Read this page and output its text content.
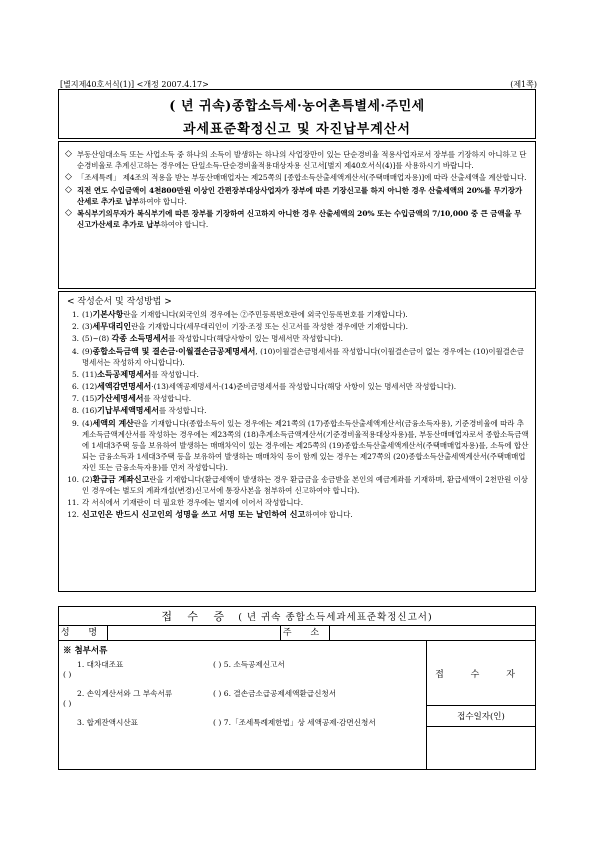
[별지제40호서식(1)] <개정 2007.4.17>	(제1쪽)
( 년 귀속)종합소득세·농어촌특별세·주민세
과세표준확정신고 및 자진납부계산서
◇ 부동산임대소득 또는 사업소득 중 하나의 소득이 발생하는 하나의 사업장만이 있는 단순경비율 적용사업자로서 장부를 기장하지 아니하고 단순경비율로 추계신고하는 경우에는 단일소득-단순경비율적용대상자용 신고서[별지 제40호서식(4)]를 사용하시기 바랍니다.
◇ 「조세특례」 제4조의 적용을 받는 부동산매매업자는 제25쪽의 [종합소득산출세액계산서(주택매매업자용)]에 따라 산출세액을 계산합니다.
◇ 직전 연도 수입금액이 4천800만원 이상인 간편장부대상사업자가 장부에 따른 기장신고를 하지 아니한 경우 산출세액의 20%를 무기장가산세로 추가로 납부하여야 합니다.
◇ 복식부기의무자가 복식부기에 따른 장부를 기장하여 신고하지 아니한 경우 산출세액의 20% 또는 수입금액의 7/10,000 중 큰 금액을 무신고가산세로 추가로 납부하여야 합니다.
< 작성순서 및 작성방법 >
1. (1)기본사항란을 기재합니다(외국인의 경우에는 ②주민등록번호란에 외국인등록번호를 기재합니다).
2. (3)세무대리인란을 기재합니다(세무대리인이 기장·조정 또는 신고서를 작성한 경우에만 기재합니다).
3. (5)~(8) 각종 소득명세서를 작성합니다(해당사항이 있는 명세서만 작성합니다).
4. (9)종합소득금액 및 결손금·이월결손금공제명세서, (10)이월결손금명세서를 작성합니다(이월결손금이 없는 경우에는 (10)이월결손금명세서는 작성하지 아니합니다).
5. (11)소득공제명세서를 작성합니다.
6. (12)세액감면명세서·(13)세액공제명세서·(14)준비금명세서를 작성합니다(해당 사항이 있는 명세서만 작성합니다).
7. (15)가산세명세서를 작성합니다.
8. (16)기납부세액명세서를 작성합니다.
9. (4)세액의 계산란을 기재합니다(종합소득이 있는 경우에는 제21쪽의 (17)종합소득산출세액계산서(금융소득자용), 기준경비율에 따라 추계소득금액계산서를 작성하는 경우에는 제23쪽의 (18)추계소득금액계산서(기준경비율적용대상자용)를, 부동산매매업자로서 종합소득금액에 1세대3주택 등을 보유하여 발생하는 매매차익이 있는 경우에는 제25쪽의 (19)종합소득산출세액계산서(주택매매업자용)를, 소득에 합산되는 금융소득과 1세대3주택 등을 보유하여 발생하는 매매차익 등이 함께 있는 경우는 제27쪽의 (20)종합소득산출세액계산서(주택매매업자인 또는 금융소득자용)를 먼저 작성합니다).
10. (2)환급금 계좌신고란을 기재합니다(환급세액이 발생하는 경우 환급금을 송금받을 본인의 예금계좌를 기재하며, 환급세액이 2천만원 이상인 경우에는 별도의 계좌개설(변경)신고서에 통장사본을 첨부하여 신고하여야 합니다).
11. 각 서식에서 기재란이 더 필요한 경우에는 별지에 이어서 작성합니다.
12. 신고인은 반드시 신고인의 성명을 쓰고 서명 또는 날인하여 신고하여야 합니다.
접 수 증 ( 년 귀속 종합소득세과세표준확정신고서)
성 명	주 소
※ 첨부서류
1. 대차대조표	( ) 5. 소득공제신고서
( )
2. 손익계산서와 그 부속서류	( ) 6. 결손금소급공제세액환급신청서
( )
3. 합계잔액시산표	( ) 7.「조세특례제한법」상 세액공제·감면신청서
접 수 자
접수일자(인)
